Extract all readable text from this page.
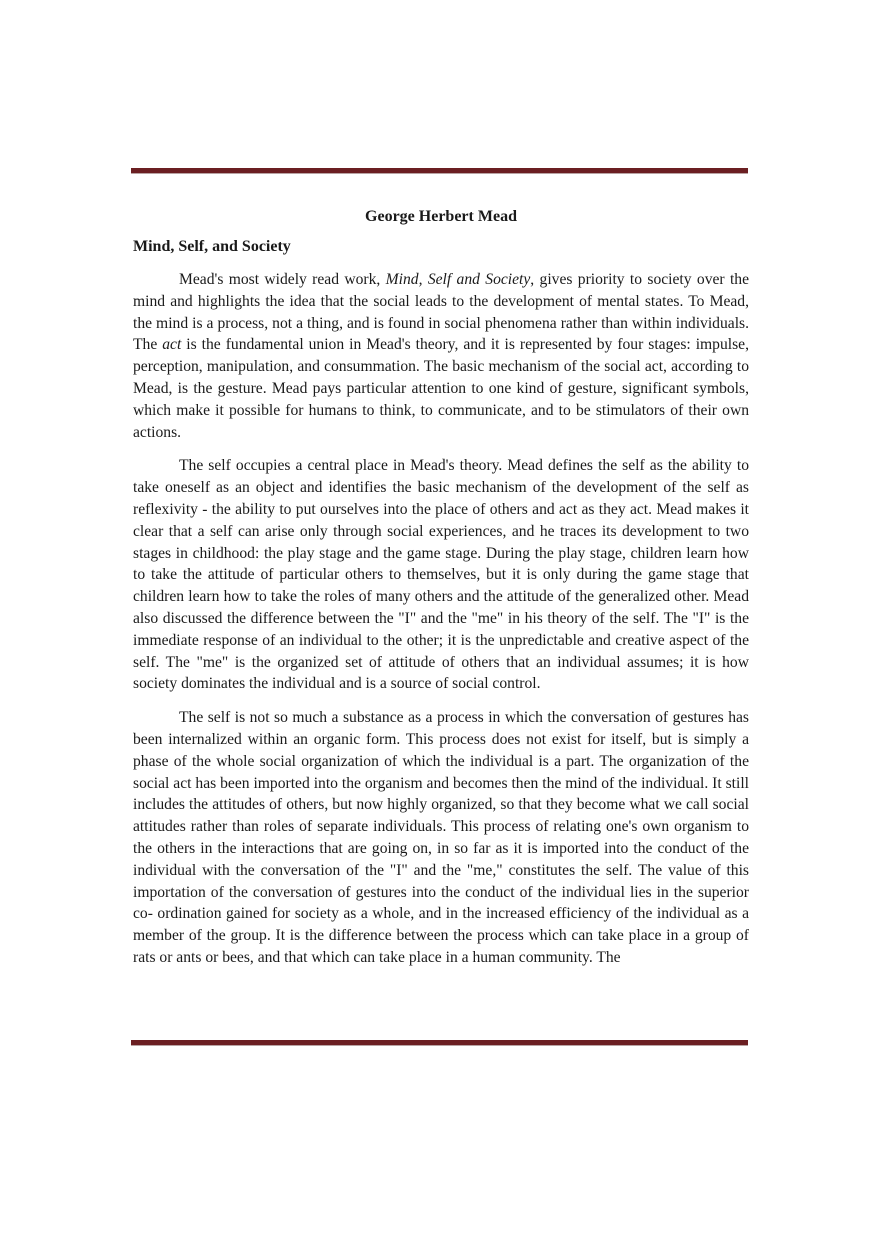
George Herbert Mead
Mind, Self, and Society

Mead's most widely read work, Mind, Self and Society, gives priority to society over the mind and highlights the idea that the social leads to the development of mental states. To Mead, the mind is a process, not a thing, and is found in social phenomena rather than within individuals. The act is the fundamental union in Mead's theory, and it is represented by four stages: impulse, perception, manipulation, and consummation. The basic mechanism of the social act, according to Mead, is the gesture. Mead pays particular attention to one kind of gesture, significant symbols, which make it possible for humans to think, to communicate, and to be stimulators of their own actions.

The self occupies a central place in Mead's theory. Mead defines the self as the ability to take oneself as an object and identifies the basic mechanism of the development of the self as reflexivity - the ability to put ourselves into the place of others and act as they act. Mead makes it clear that a self can arise only through social experiences, and he traces its development to two stages in childhood: the play stage and the game stage. During the play stage, children learn how to take the attitude of particular others to themselves, but it is only during the game stage that children learn how to take the roles of many others and the attitude of the generalized other. Mead also discussed the difference between the "I" and the "me" in his theory of the self. The "I" is the immediate response of an individual to the other; it is the unpredictable and creative aspect of the self. The "me" is the organized set of attitude of others that an individual assumes; it is how society dominates the individual and is a source of social control.

The self is not so much a substance as a process in which the conversation of gestures has been internalized within an organic form. This process does not exist for itself, but is simply a phase of the whole social organization of which the individual is a part. The organization of the social act has been imported into the organism and becomes then the mind of the individual. It still includes the attitudes of others, but now highly organized, so that they become what we call social attitudes rather than roles of separate individuals. This process of relating one's own organism to the others in the interactions that are going on, in so far as it is imported into the conduct of the individual with the conversation of the "I" and the "me," constitutes the self. The value of this importation of the conversation of gestures into the conduct of the individual lies in the superior co- ordination gained for society as a whole, and in the increased efficiency of the individual as a member of the group. It is the difference between the process which can take place in a group of rats or ants or bees, and that which can take place in a human community. The
